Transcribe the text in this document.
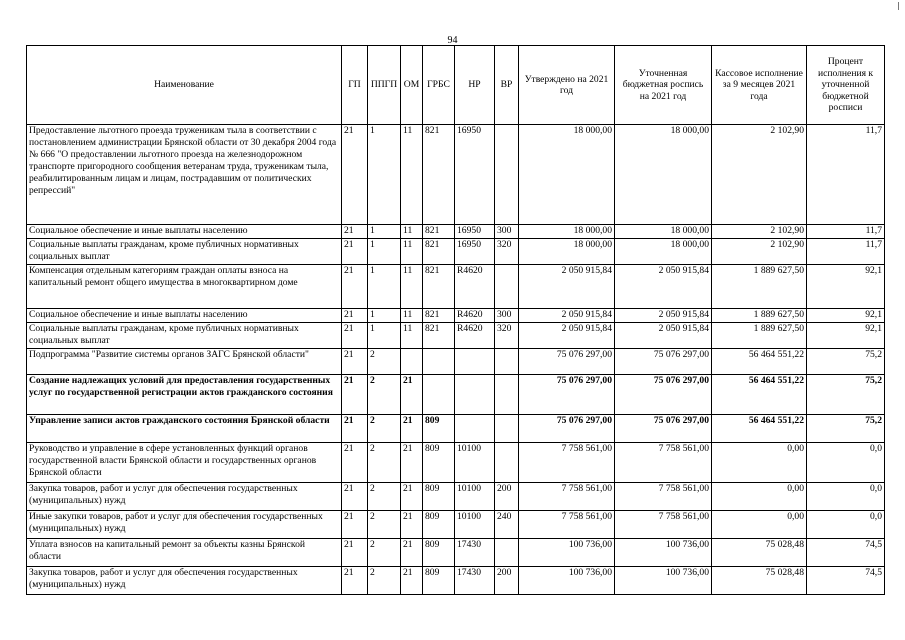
94
Наименование	ГП	ППГП	ОМ	ГРБС	НР	ВР	Утверждено на 2021 год	Уточненная бюджетная роспись на 2021 год	Кассовое исполнение за 9 месяцев 2021 года	Процент исполнения к уточненной бюджетной росписи
Предоставление льготного проезда труженикам тыла в соответствии с постановлением администрации Брянской области от 30 декабря 2004 года № 666 "О предоставлении льготного проезда на железнодорожном транспорте пригородного сообщения ветеранам труда, труженикам тыла, реабилитированным лицам и лицам, пострадавшим от политических репрессий"	21	1	11	821	16950		18 000,00	18 000,00	2 102,90	11,7
Социальное обеспечение и иные выплаты населению	21	1	11	821	16950	300	18 000,00	18 000,00	2 102,90	11,7
Социальные выплаты гражданам, кроме публичных нормативных социальных выплат	21	1	11	821	16950	320	18 000,00	18 000,00	2 102,90	11,7
Компенсация отдельным категориям граждан оплаты взноса на капитальный ремонт общего имущества в многоквартирном доме	21	1	11	821	R4620		2 050 915,84	2 050 915,84	1 889 627,50	92,1
Социальное обеспечение и иные выплаты населению	21	1	11	821	R4620	300	2 050 915,84	2 050 915,84	1 889 627,50	92,1
Социальные выплаты гражданам, кроме публичных нормативных социальных выплат	21	1	11	821	R4620	320	2 050 915,84	2 050 915,84	1 889 627,50	92,1
Подпрограмма "Развитие системы органов ЗАГС Брянской области"	21	2					75 076 297,00	75 076 297,00	56 464 551,22	75,2
Создание надлежащих условий для предоставления государственных услуг по государственной регистрации актов гражданского состояния	21	2	21				75 076 297,00	75 076 297,00	56 464 551,22	75,2
Управление записи актов гражданского состояния Брянской области	21	2	21	809			75 076 297,00	75 076 297,00	56 464 551,22	75,2
Руководство и управление в сфере установленных функций органов государственной власти Брянской области и государственных органов Брянской области	21	2	21	809	10100		7 758 561,00	7 758 561,00	0,00	0,0
Закупка товаров, работ и услуг для обеспечения государственных (муниципальных) нужд	21	2	21	809	10100	200	7 758 561,00	7 758 561,00	0,00	0,0
Иные закупки товаров, работ и услуг для обеспечения государственных (муниципальных) нужд	21	2	21	809	10100	240	7 758 561,00	7 758 561,00	0,00	0,0
Уплата взносов на капитальный ремонт за объекты казны Брянской области	21	2	21	809	17430		100 736,00	100 736,00	75 028,48	74,5
Закупка товаров, работ и услуг для обеспечения государственных (муниципальных) нужд	21	2	21	809	17430	200	100 736,00	100 736,00	75 028,48	74,5
